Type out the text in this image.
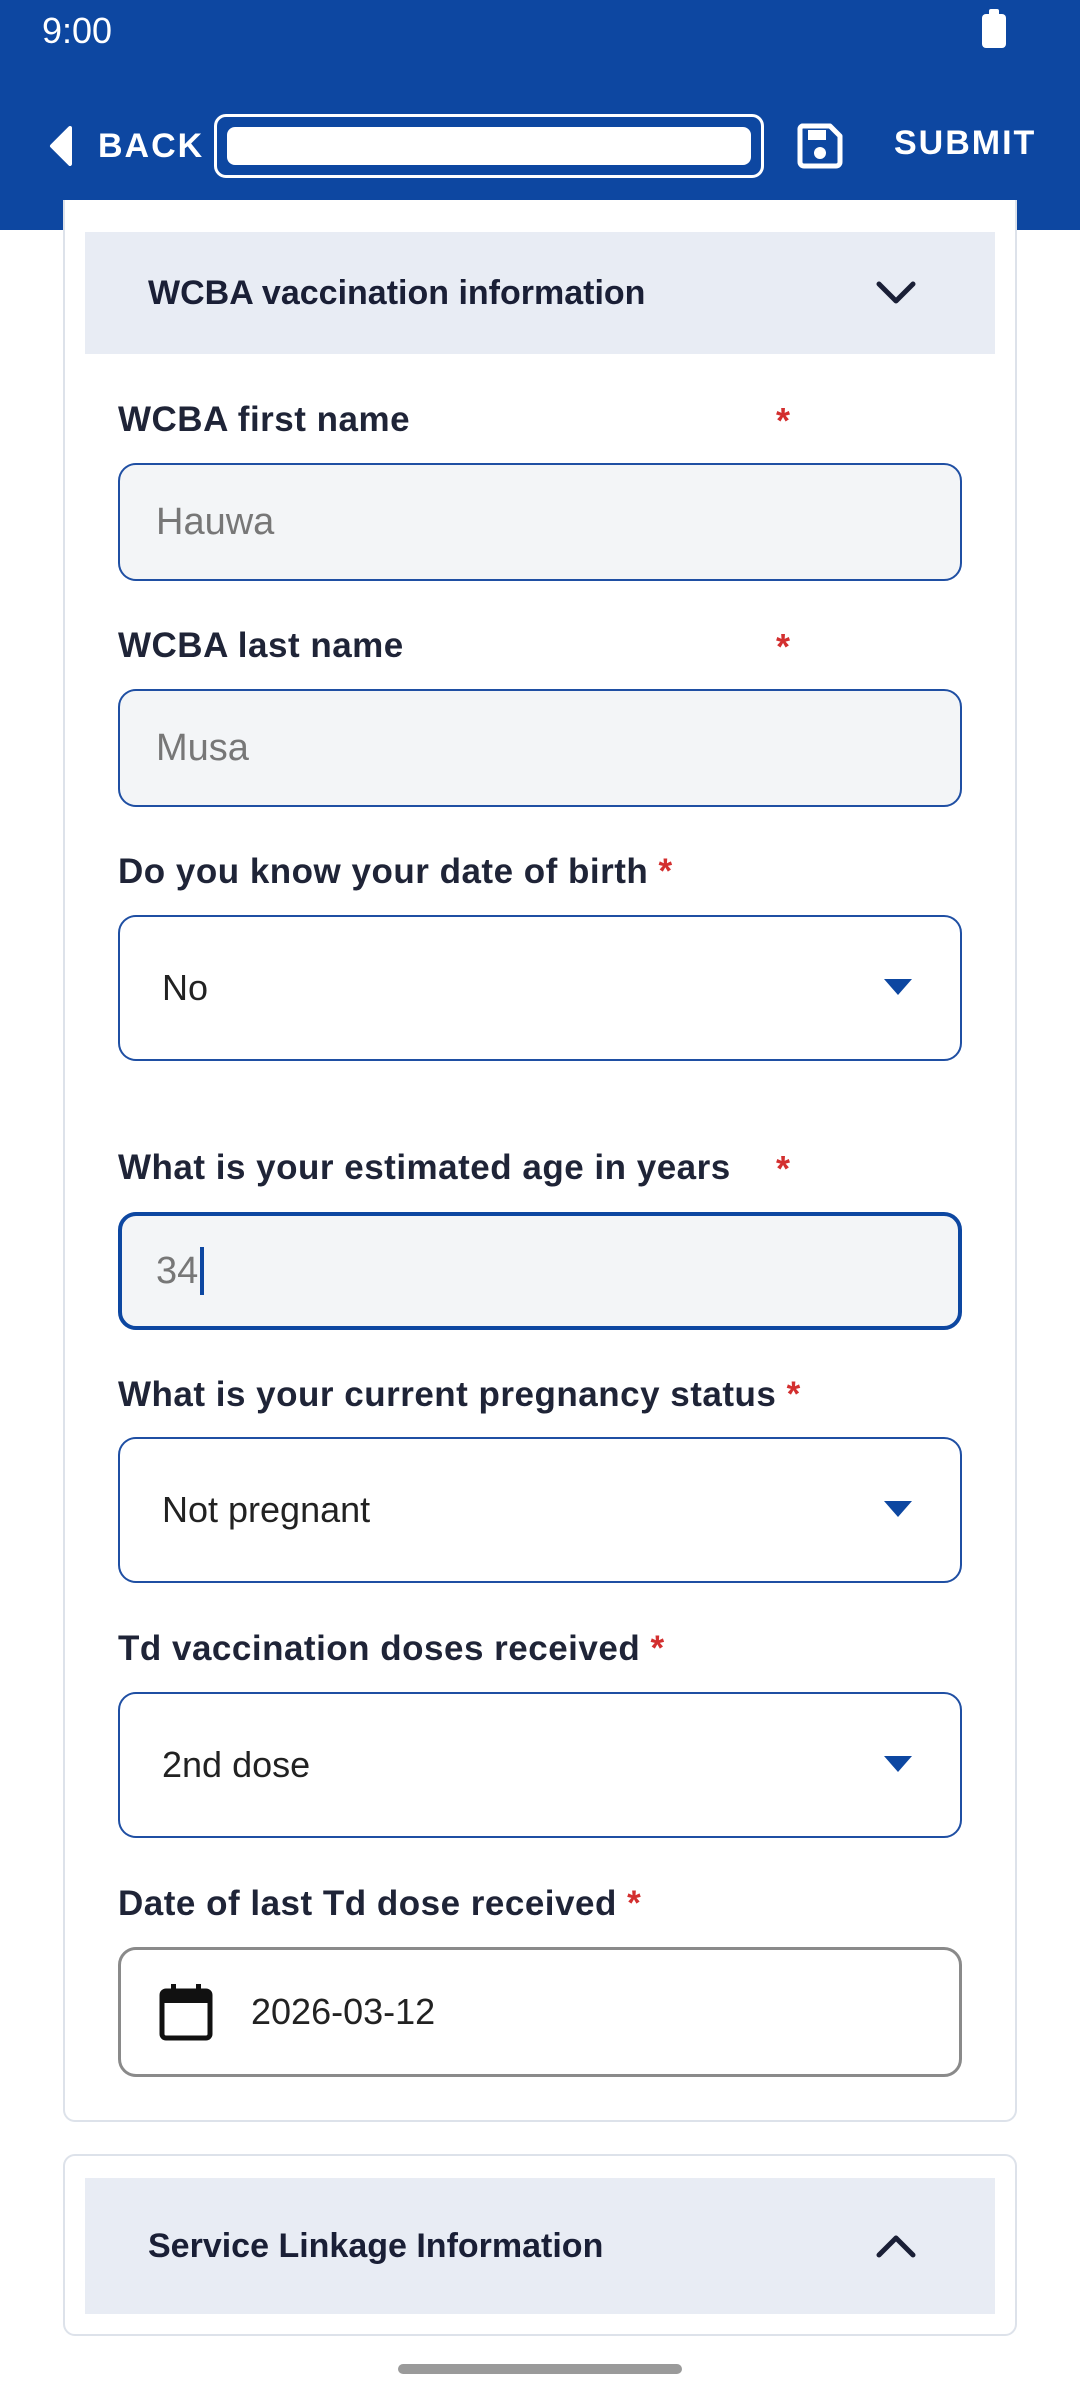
9:00
BACK	SUBMIT
WCBA vaccination information
WCBA first name	*
Hauwa
WCBA last name	*
Musa
Do you know your date of birth *
No
What is your estimated age in years *
34
What is your current pregnancy status *
Not pregnant
Td vaccination doses received *
2nd dose
Date of last Td dose received *
2026-03-12
Service Linkage Information
